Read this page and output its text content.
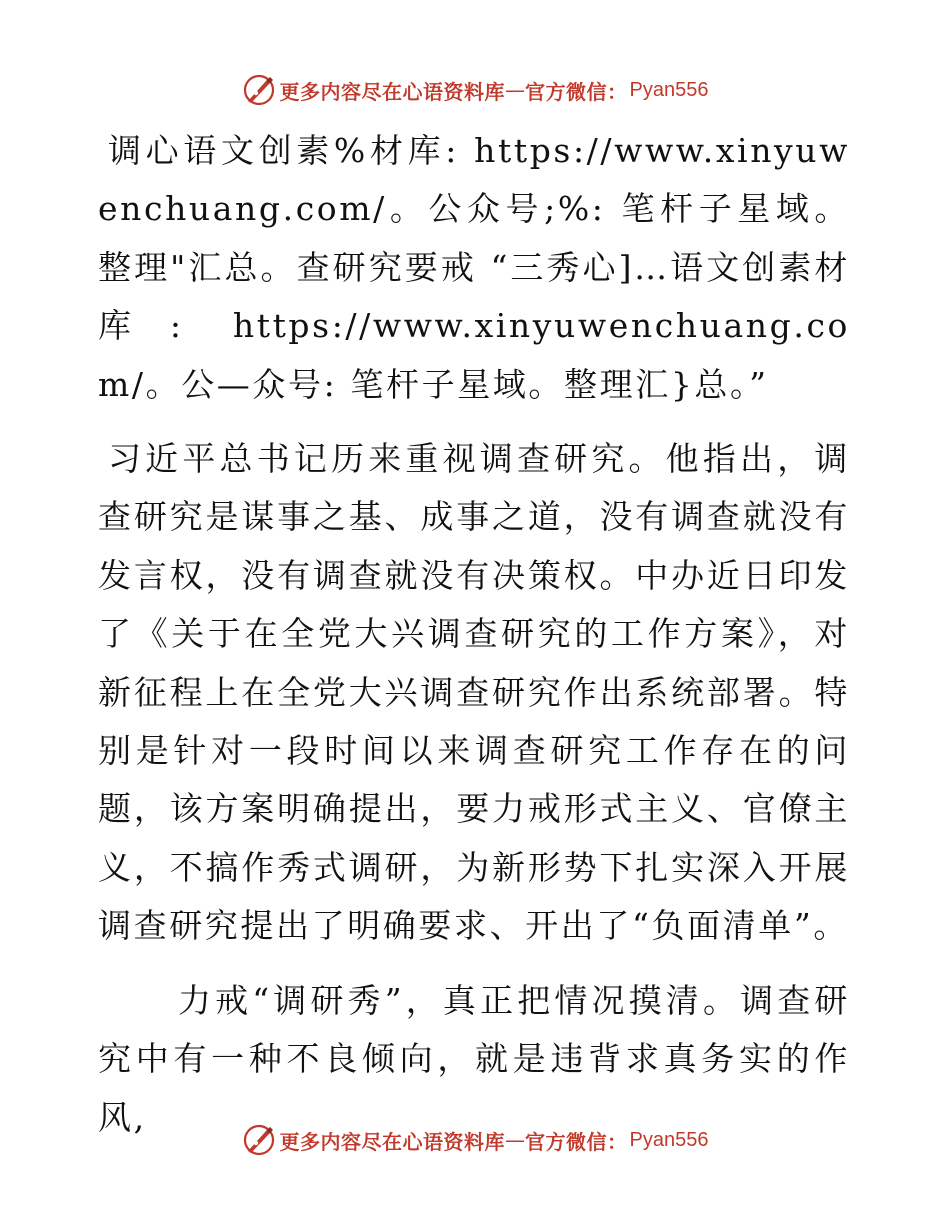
更多内容尽在心语资料库 — 官方微信： Pyan556

调心语文创素%材库: https://www.xinyuwenchuang.com/。公众号;%: 笔杆子星域。整理"汇总。查研究要戒 “三秀心]…语文创素材库: https://www.xinyuwenchuang.com/。公—众号: 笔杆子星域。整理汇}总。”

习近平总书记历来重视调查研究。他指出，调查研究是谋事之基、成事之道，没有调查就没有发言权，没有调查就没有决策权。中办近日印发了《关于在全党大兴调查研究的工作方案》，对新征程上在全党大兴调查研究作出系统部署。特别是针对一段时间以来调查研究工作存在的问题，该方案明确提出，要力戒形式主义、官僚主义，不搞作秀式调研，为新形势下扎实深入开展调查研究提出了明确要求、开出了“负面清单”。

力戒“调研秀”，真正把情况摸清。调查研究中有一种不良倾向，就是违背求真务实的作风,

更多内容尽在心语资料库 — 官方微信： Pyan556
